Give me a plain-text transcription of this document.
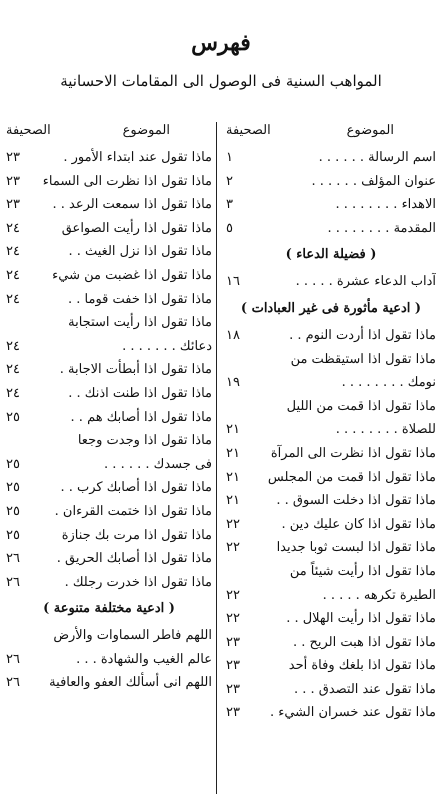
فهرس
المواهب السنية فى الوصول الى المقامات الاحسانية
الموضوع
الصحيفة
اسم الرسالة . . . . . .
١
عنوان المؤلف . . . . . .
٢
الاهداء . . . . . . . .
٣
المقدمة . . . . . . . .
٥
( فضيلة الدعاء )
آداب الدعاء عشرة . . . . .
١٦
( ادعية مأثورة فى غير العبادات )
ماذا تقول اذا أردت النوم . .
١٨
ماذا تقول اذا استيقظت من
نومك . . . . . . . .
١٩
ماذا تقول اذا قمت من الليل
للصلاة . . . . . . . .
٢١
ماذا تقول اذا نظرت الى المرآة
٢١
ماذا تقول اذا قمت من المجلس
٢١
ماذا تقول اذا دخلت السوق . .
٢١
ماذا تقول اذا كان عليك دين .
٢٢
ماذا تقول اذا لبست ثوبا جديدا
٢٢
ماذا تقول اذا رأيت شيئاً من
الطيرة تكرهه . . . . .
٢٢
ماذا تقول اذا رأيت الهلال . .
٢٢
ماذا تقول اذا هبت الريح . .
٢٣
ماذا تقول اذا بلغك وفاة أحد
٢٣
ماذا تقول عند التصدق . . .
٢٣
ماذا تقول عند خسران الشيء .
٢٣
الموضوع
الصحيفة
ماذا تقول عند ابتداء الأمور .
٢٣
ماذا تقول اذا نظرت الى السماء
٢٣
ماذا تقول اذا سمعت الرعد . .
٢٣
ماذا تقول اذا رأيت الصواعق
٢٤
ماذا تقول اذا نزل الغيث . .
٢٤
ماذا تقول اذا غضبت من شيء
٢٤
ماذا تقول اذا خفت قوما . .
٢٤
ماذا تقول اذا رأيت استجابة
دعائك . . . . . . .
٢٤
ماذا تقول اذا أبطأت الاجابة .
٢٤
ماذا تقول اذا طنت اذنك . .
٢٤
ماذا تقول اذا أصابك هم . .
٢٥
ماذا تقول اذا وجدت وجعا
فى جسدك . . . . . .
٢٥
ماذا تقول اذا أصابك كرب . .
٢٥
ماذا تقول اذا ختمت القرءان .
٢٥
ماذا تقول اذا مرت بك جنازة
٢٥
ماذا تقول اذا أصابك الحريق .
٢٦
ماذا تقول اذا خدرت رجلك .
٢٦
( ادعية مختلفة متنوعة )
اللهم فاطر السماوات والأرض
عالم الغيب والشهادة . . .
٢٦
اللهم انى أسألك العفو والعافية
٢٦
